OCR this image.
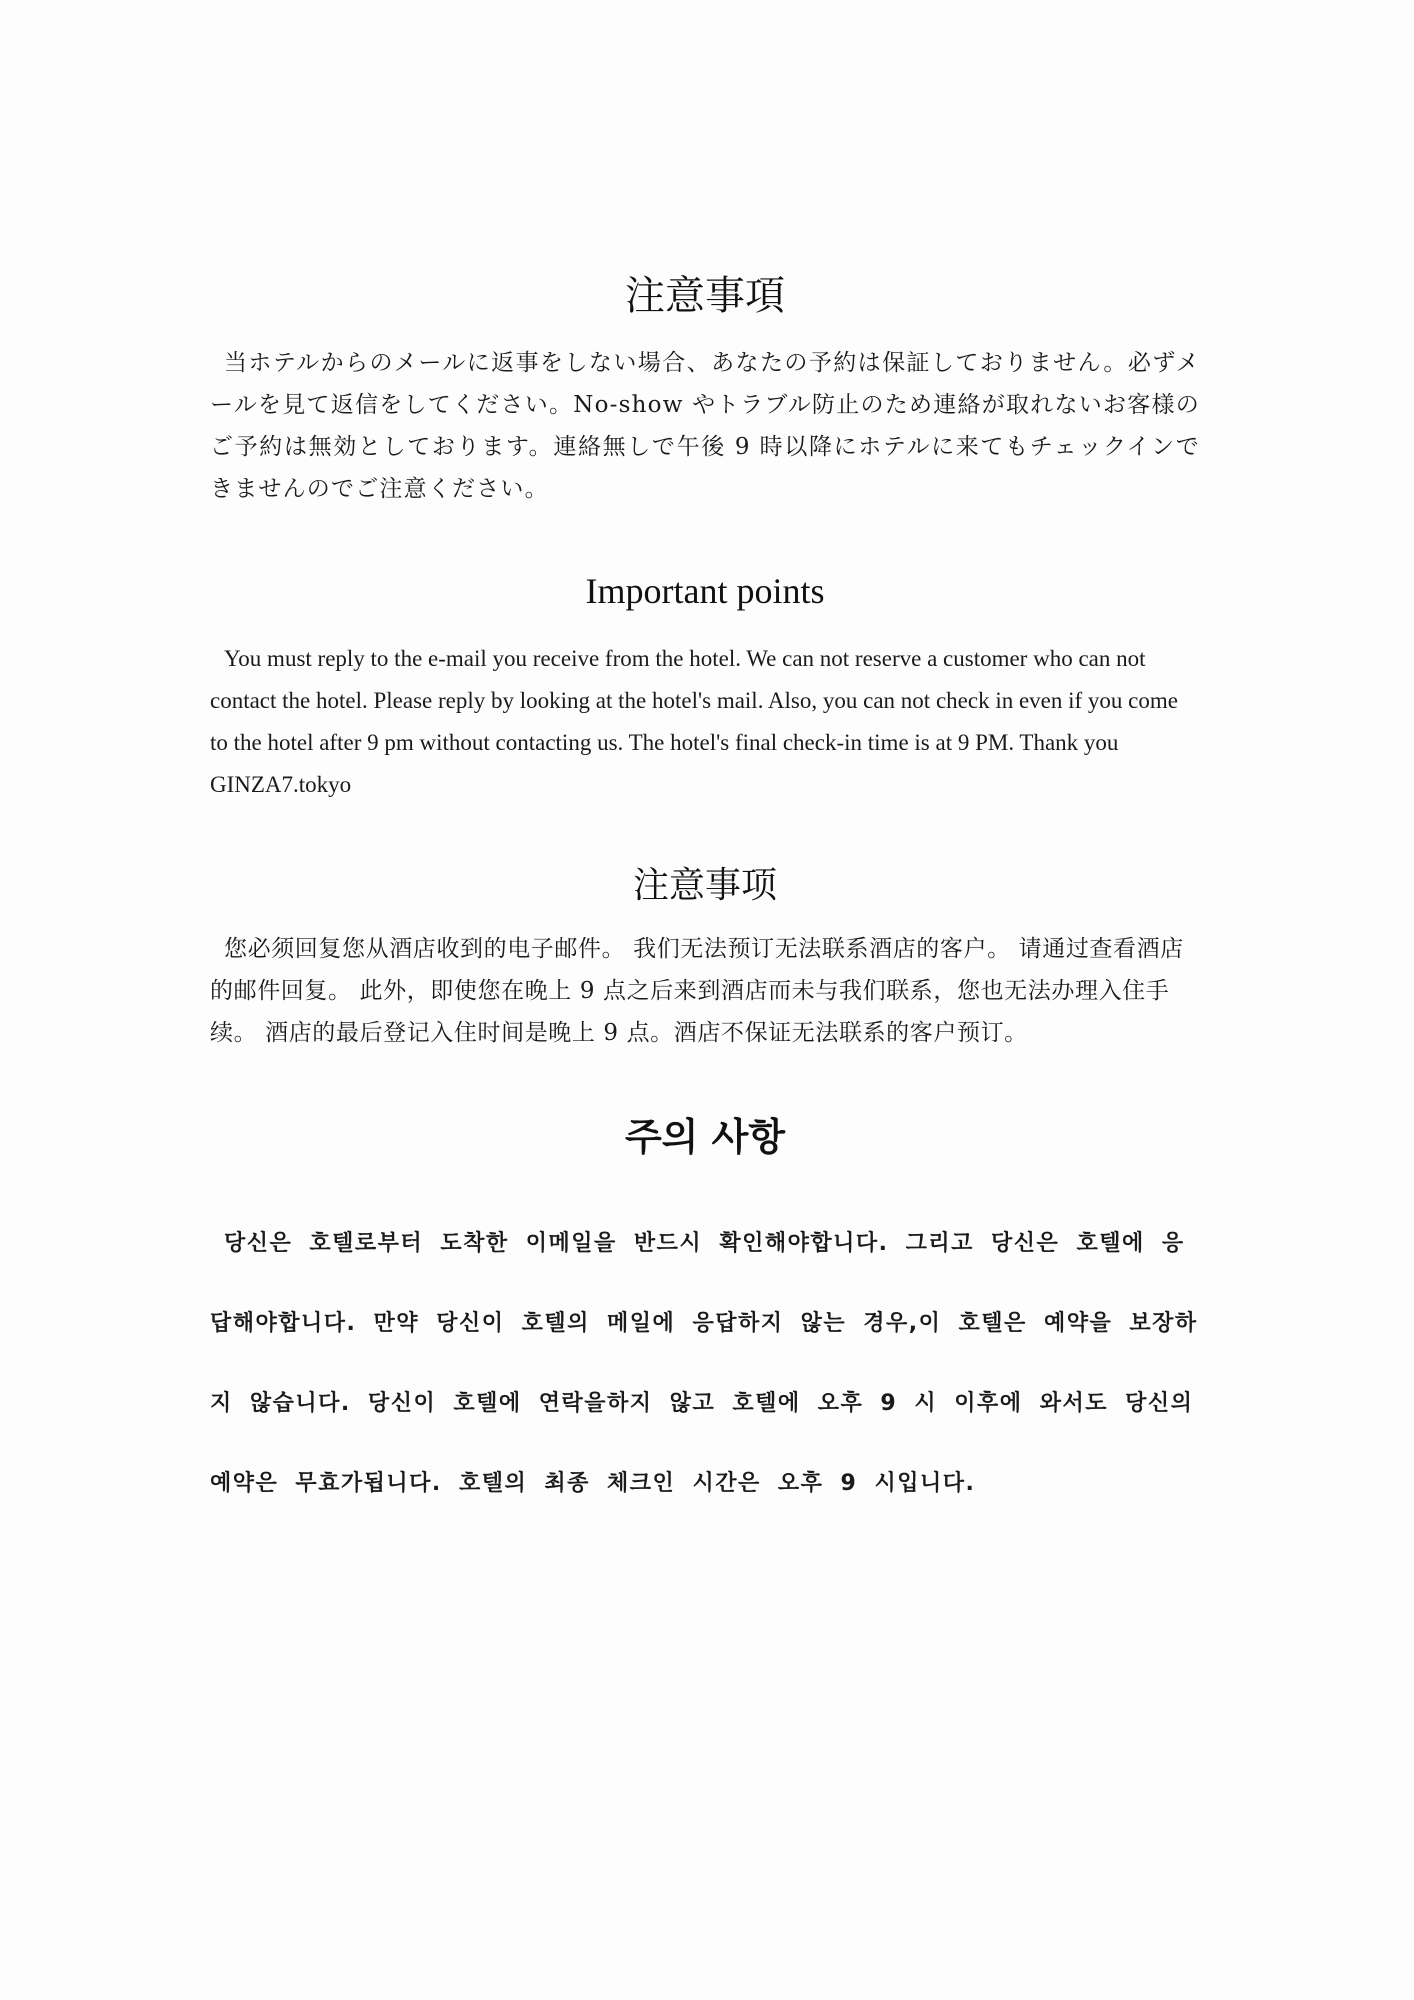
注意事項

当ホテルからのメールに返事をしない場合、あなたの予約は保証しておりません。必ずメールを見て返信をしてください。No-show やトラブル防止のため連絡が取れないお客様のご予約は無効としております。連絡無しで午後 9 時以降にホテルに来てもチェックインできませんのでご注意ください。

Important points

You must reply to the e-mail you receive from the hotel. We can not reserve a customer who can not contact the hotel. Please reply by looking at the hotel's mail. Also, you can not check in even if you come to the hotel after 9 pm without contacting us. The hotel's final check-in time is at 9 PM. Thank you GINZA7.tokyo

注意事项

您必须回复您从酒店收到的电子邮件。 我们无法预订无法联系酒店的客户。 请通过查看酒店的邮件回复。 此外，即使您在晚上 9 点之后来到酒店而未与我们联系，您也无法办理入住手续。 酒店的最后登记入住时间是晚上 9 点。酒店不保证无法联系的客户预订。

주의 사항

당신은 호텔로부터 도착한 이메일을 반드시 확인해야합니다. 그리고 당신은 호텔에 응답해야합니다. 만약 당신이 호텔의 메일에 응답하지 않는 경우,이 호텔은 예약을 보장하지 않습니다. 당신이 호텔에 연락을하지 않고 호텔에 오후 9 시 이후에 와서도 당신의 예약은 무효가됩니다. 호텔의 최종 체크인 시간은 오후 9 시입니다.
